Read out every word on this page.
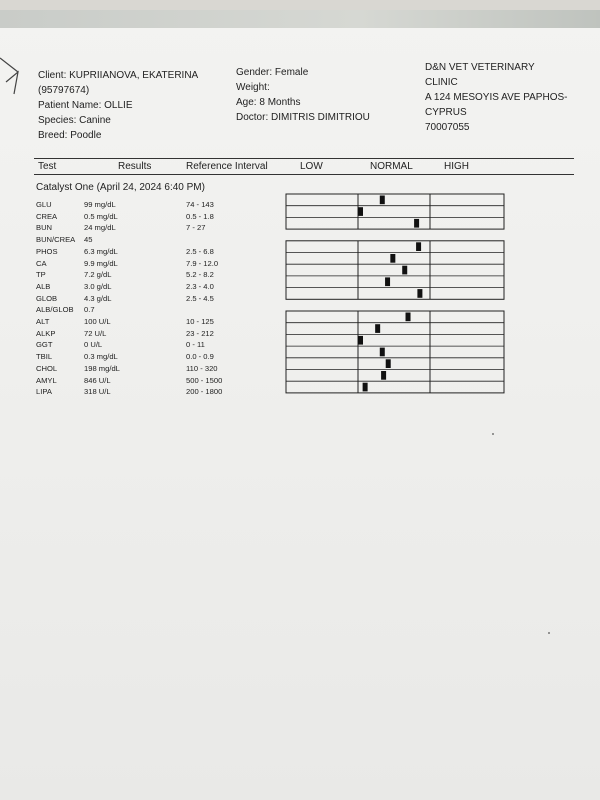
Client: KUPRIIANOVA, EKATERINA
(95797674)
Patient Name: OLLIE
Species: Canine
Breed: Poodle
Gender: Female
Weight:
Age: 8 Months
Doctor: DIMITRIS DIMITRIOU
D&N VET VETERINARY
CLINIC
A 124 MESOYIS AVE PAPHOS-
CYPRUS
70007055
Test	Results	Reference Interval	LOW	NORMAL	HIGH
Catalyst One (April 24, 2024 6:40 PM)
GLU	99 mg/dL	74 - 143
CREA	0.5 mg/dL	0.5 - 1.8
BUN	24 mg/dL	7 - 27
BUN/CREA 45
PHOS	6.3 mg/dL	2.5 - 6.8
CA	9.9 mg/dL	7.9 - 12.0
TP	7.2 g/dL	5.2 - 8.2
ALB	3.0 g/dL	2.3 - 4.0
GLOB	4.3 g/dL	2.5 - 4.5
ALB/GLOB 0.7
ALT	100 U/L	10 - 125
ALKP	72 U/L	23 - 212
GGT	0 U/L	0 - 11
TBIL	0.3 mg/dL	0.0 - 0.9
CHOL	198 mg/dL	110 - 320
AMYL	846 U/L	500 - 1500
LIPA	318 U/L	200 - 1800
